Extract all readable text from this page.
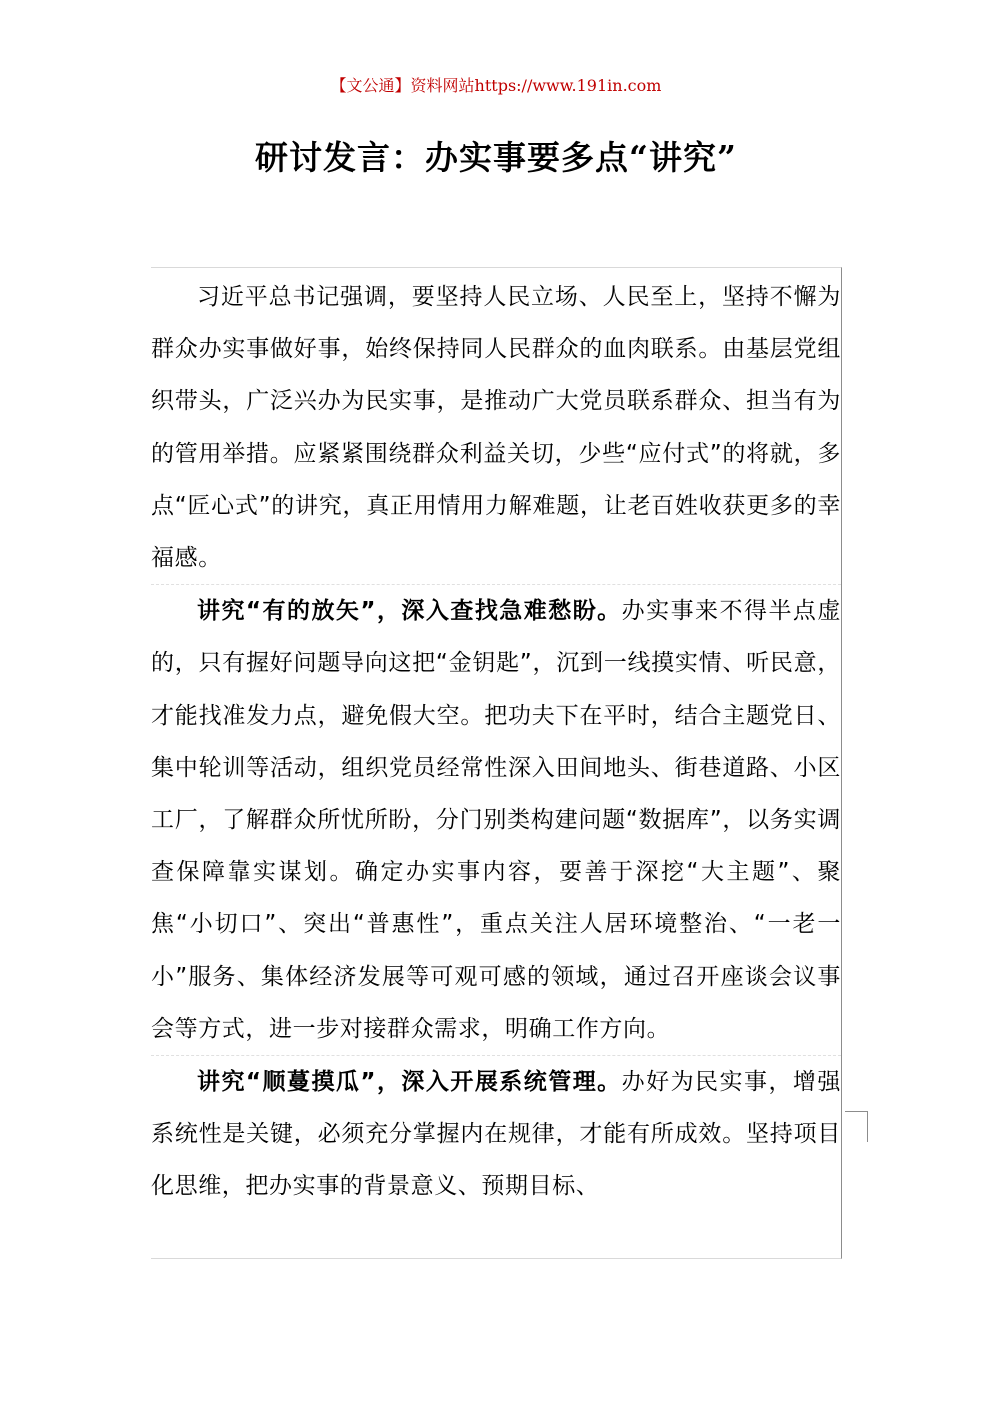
【文公通】资料网站https://www.191in.com
研讨发言：办实事要多点“讲究”

习近平总书记强调，要坚持人民立场、人民至上，坚持不懈为群众办实事做好事，始终保持同人民群众的血肉联系。由基层党组织带头，广泛兴办为民实事，是推动广大党员联系群众、担当有为的管用举措。应紧紧围绕群众利益关切，少些“应付式”的将就，多点“匠心式”的讲究，真正用情用力解难题，让老百姓收获更多的幸福感。

讲究“有的放矢”，深入查找急难愁盼。办实事来不得半点虚的，只有握好问题导向这把“金钥匙”，沉到一线摸实情、听民意，才能找准发力点，避免假大空。把功夫下在平时，结合主题党日、集中轮训等活动，组织党员经常性深入田间地头、街巷道路、小区工厂，了解群众所忧所盼，分门别类构建问题“数据库”，以务实调查保障靠实谋划。确定办实事内容，要善于深挖“大主题”、聚焦“小切口”、突出“普惠性”，重点关注人居环境整治、“一老一小”服务、集体经济发展等可观可感的领域，通过召开座谈会议事会等方式，进一步对接群众需求，明确工作方向。

讲究“顺蔓摸瓜”，深入开展系统管理。办好为民实事，增强系统性是关键，必须充分掌握内在规律，才能有所成效。坚持项目化思维，把办实事的背景意义、预期目标、
